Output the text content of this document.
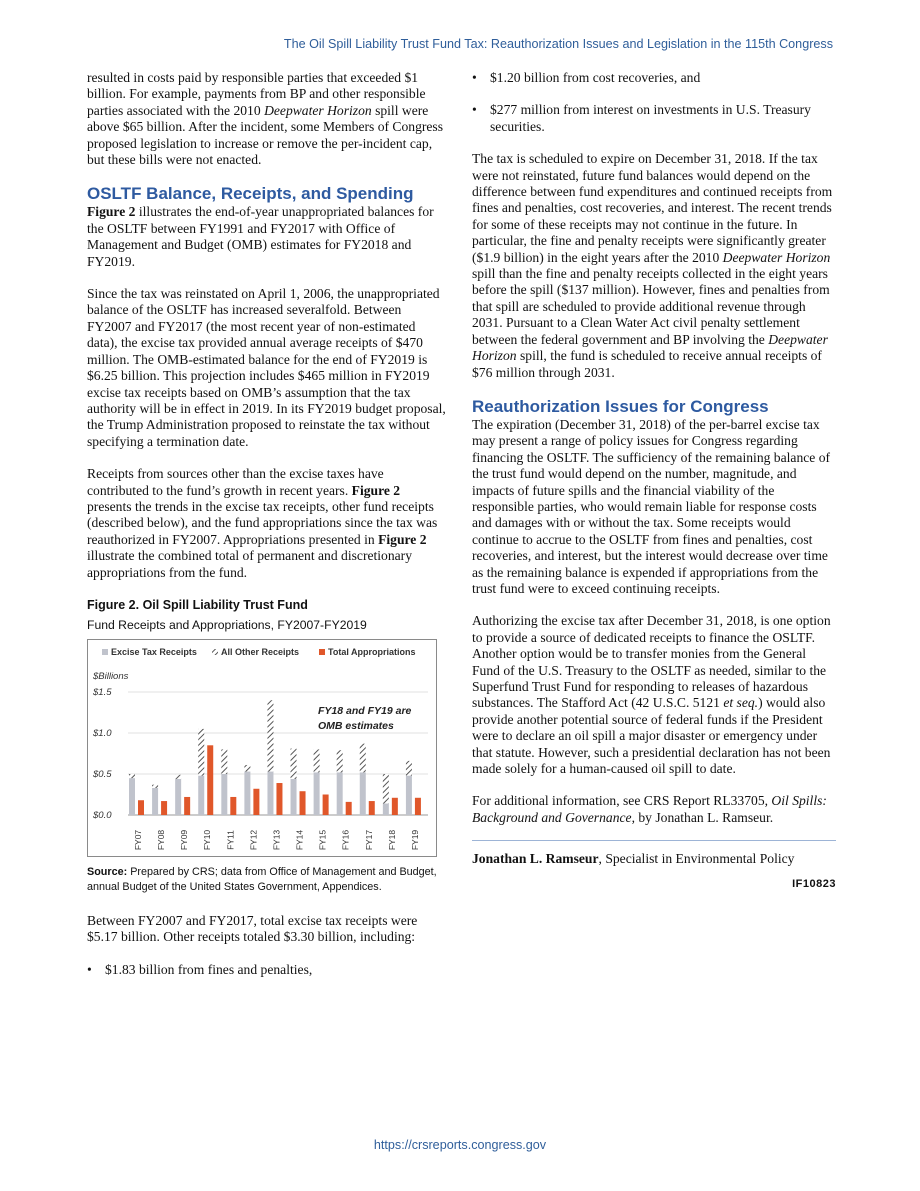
The Oil Spill Liability Trust Fund Tax: Reauthorization Issues and Legislation in the 115th Congress

resulted in costs paid by responsible parties that exceeded $1 billion. For example, payments from BP and other responsible parties associated with the 2010 Deepwater Horizon spill were above $65 billion. After the incident, some Members of Congress proposed legislation to increase or remove the per-incident cap, but these bills were not enacted.

OSLTF Balance, Receipts, and Spending

Figure 2 illustrates the end-of-year unappropriated balances for the OSLTF between FY1991 and FY2017 with Office of Management and Budget (OMB) estimates for FY2018 and FY2019.

Since the tax was reinstated on April 1, 2006, the unappropriated balance of the OSLTF has increased severalfold. Between FY2007 and FY2017 (the most recent year of non-estimated data), the excise tax provided annual average receipts of $470 million. The OMB-estimated balance for the end of FY2019 is $6.25 billion. This projection includes $465 million in FY2019 excise tax receipts based on OMB’s assumption that the tax authority will be in effect in 2019. In its FY2019 budget proposal, the Trump Administration proposed to reinstate the tax without specifying a termination date.

Receipts from sources other than the excise taxes have contributed to the fund’s growth in recent years. Figure 2 presents the trends in the excise tax receipts, other fund receipts (described below), and the fund appropriations since the tax was reauthorized in FY2007. Appropriations presented in Figure 2 illustrate the combined total of permanent and discretionary appropriations from the fund.

Figure 2. Oil Spill Liability Trust Fund
Fund Receipts and Appropriations, FY2007-FY2019
Excise Tax Receipts	All Other Receipts	Total Appropriations
$Billions
FY18 and FY19 are
OMB estimates
$0.0
$0.5
$1.0
$1.5
FY07 FY08 FY09 FY10 FY11 FY12 FY13 FY14 FY15 FY16 FY17 FY18 FY19
Source: Prepared by CRS; data from Office of Management and Budget, annual Budget of the United States Government, Appendices.

Between FY2007 and FY2017, total excise tax receipts were $5.17 billion. Other receipts totaled $3.30 billion, including:

• $1.83 billion from fines and penalties,
• $1.20 billion from cost recoveries, and
• $277 million from interest on investments in U.S. Treasury securities.

The tax is scheduled to expire on December 31, 2018. If the tax were not reinstated, future fund balances would depend on the difference between fund expenditures and continued receipts from fines and penalties, cost recoveries, and interest. The recent trends for some of these receipts may not continue in the future. In particular, the fine and penalty receipts were significantly greater ($1.9 billion) in the eight years after the 2010 Deepwater Horizon spill than the fine and penalty receipts collected in the eight years before the spill ($137 million). However, fines and penalties from that spill are scheduled to provide additional revenue through 2031. Pursuant to a Clean Water Act civil penalty settlement between the federal government and BP involving the Deepwater Horizon spill, the fund is scheduled to receive annual receipts of $76 million through 2031.

Reauthorization Issues for Congress

The expiration (December 31, 2018) of the per-barrel excise tax may present a range of policy issues for Congress regarding financing the OSLTF. The sufficiency of the remaining balance of the trust fund would depend on the number, magnitude, and impacts of future spills and the financial viability of the responsible parties, who would remain liable for response costs and damages with or without the tax. Some receipts would continue to accrue to the OSLTF from fines and penalties, cost recoveries, and interest, but the interest would decrease over time as the remaining balance is expended if appropriations from the trust fund were to exceed continuing receipts.

Authorizing the excise tax after December 31, 2018, is one option to provide a source of dedicated receipts to finance the OSLTF. Another option would be to transfer monies from the General Fund of the U.S. Treasury to the OSLTF as needed, similar to the Superfund Trust Fund for responding to releases of hazardous substances. The Stafford Act (42 U.S.C. 5121 et seq.) would also provide another potential source of federal funds if the President were to declare an oil spill a major disaster or emergency under that statute. However, such a presidential declaration has not been made solely for a human-caused oil spill to date.

For additional information, see CRS Report RL33705, Oil Spills: Background and Governance, by Jonathan L. Ramseur.

Jonathan L. Ramseur, Specialist in Environmental Policy

IF10823
https://crsreports.congress.gov
